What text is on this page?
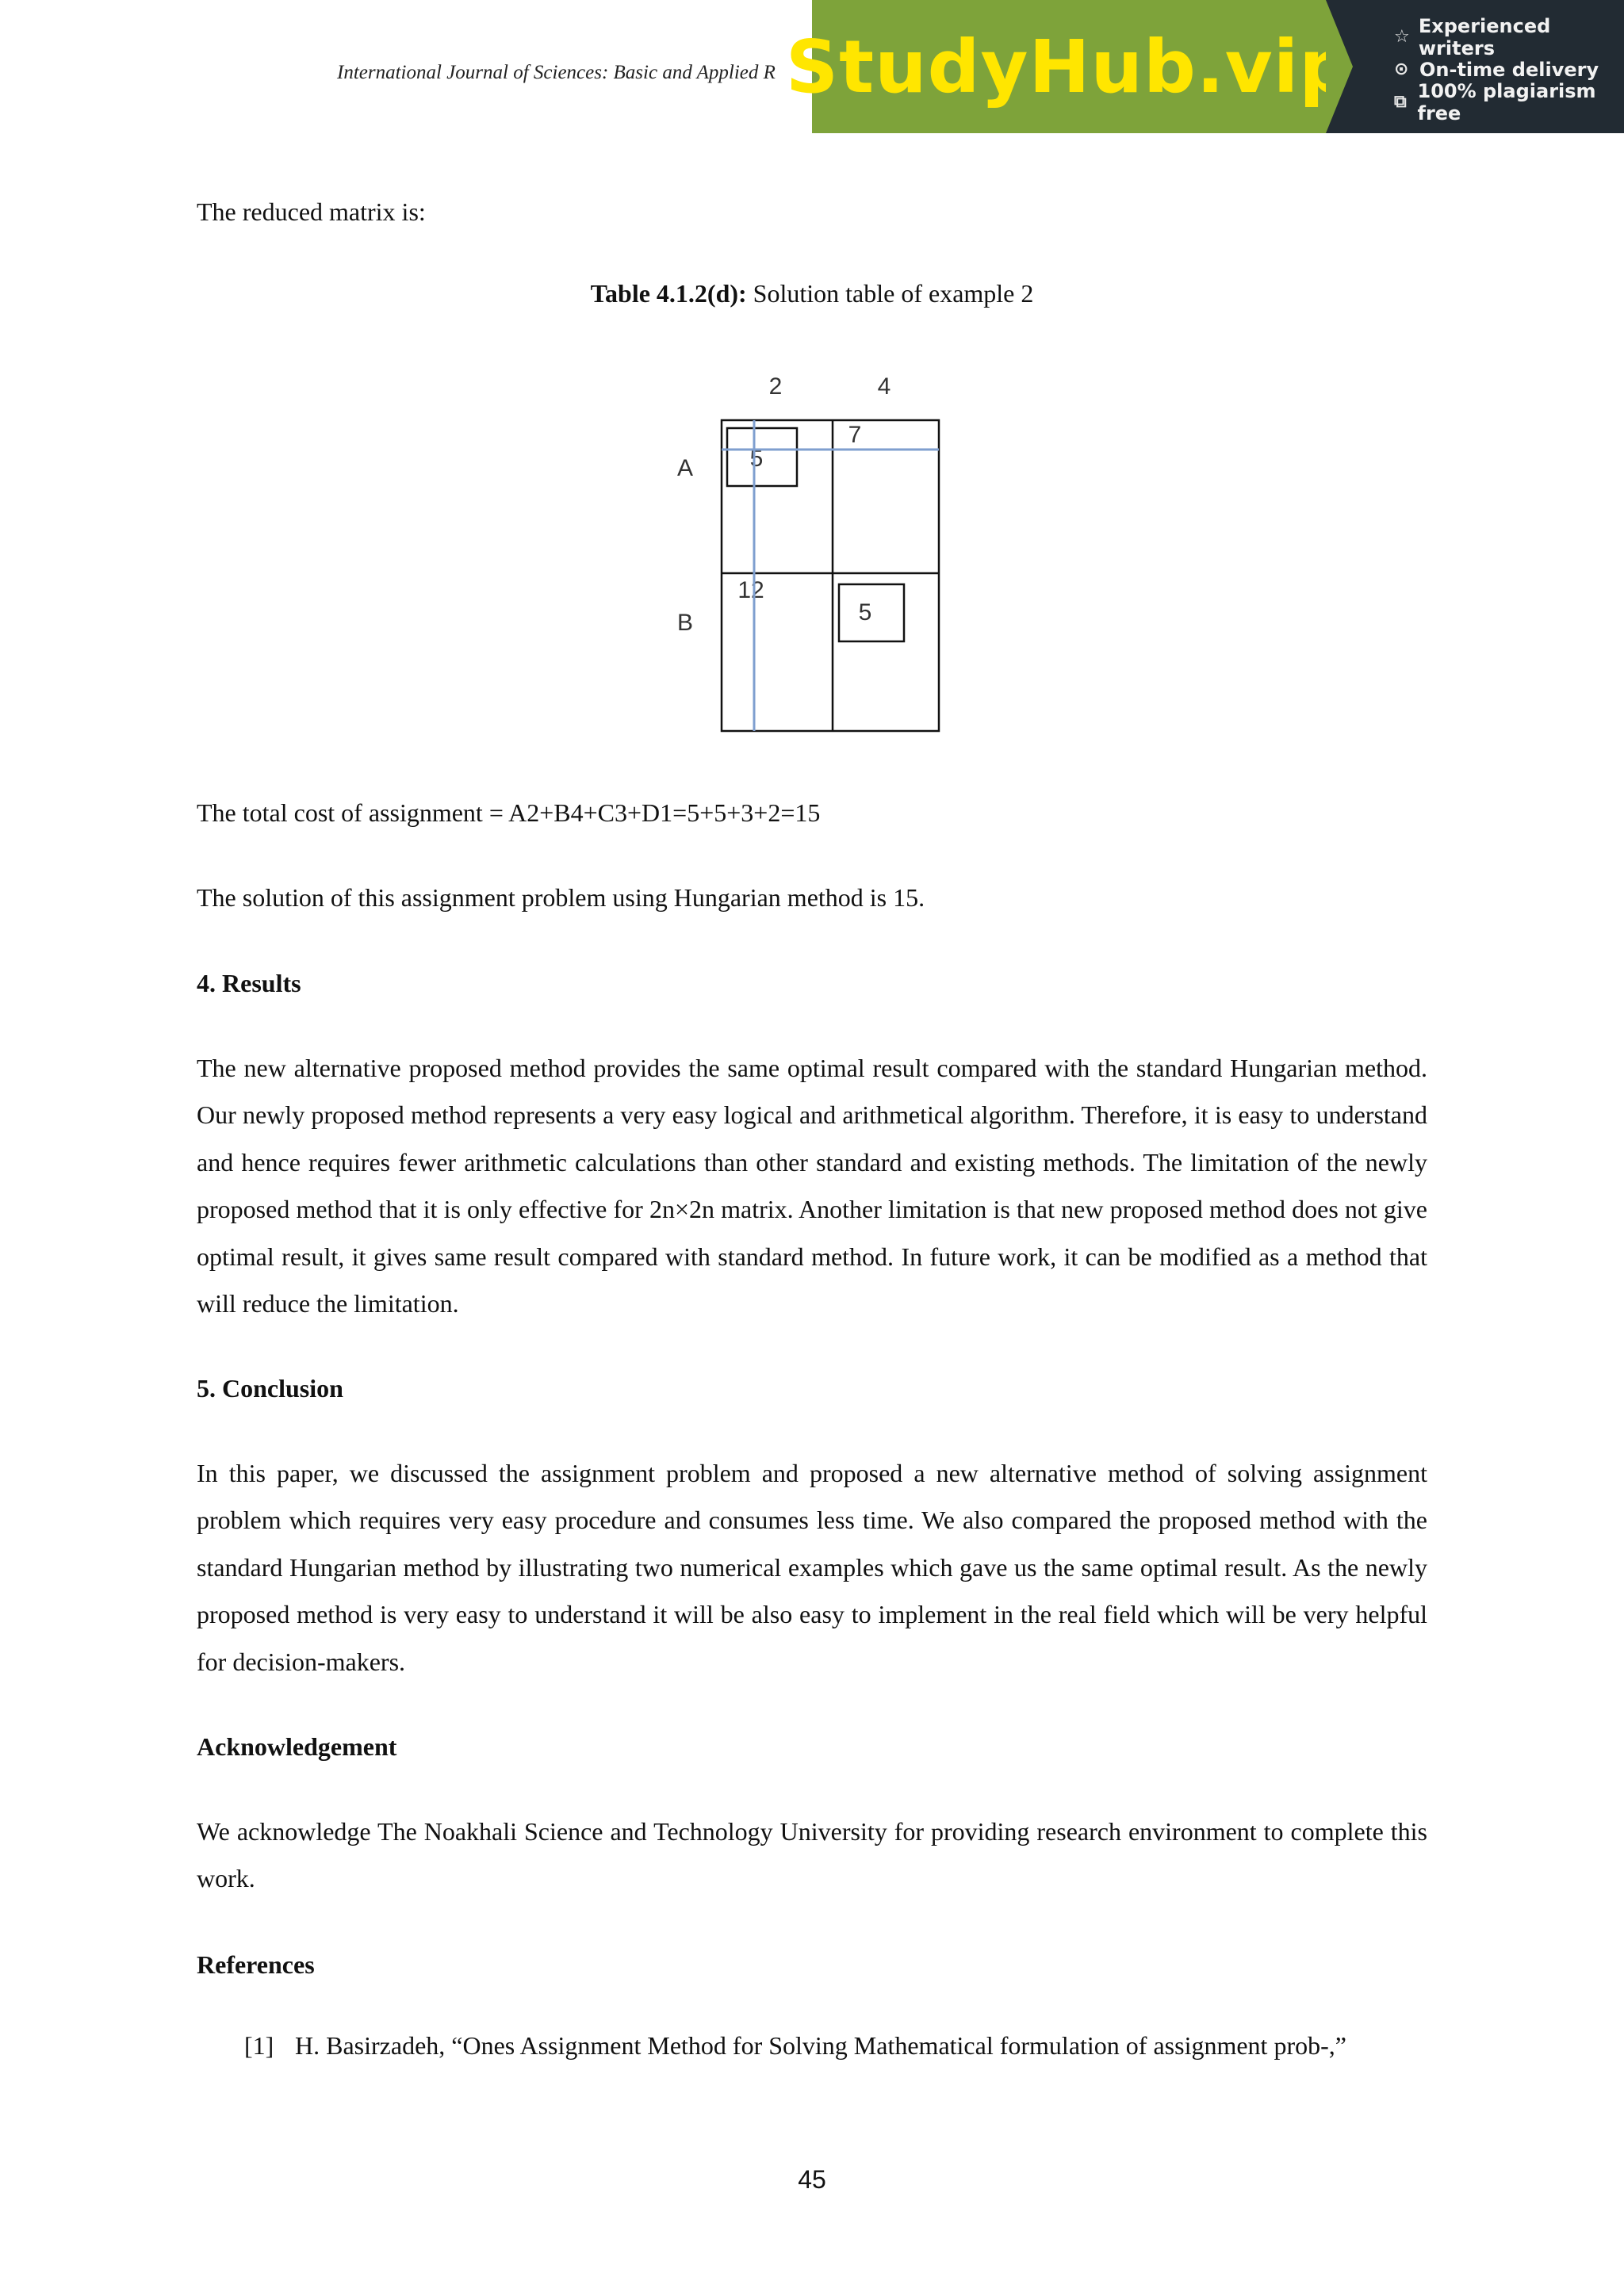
International Journal of Sciences: Basic and Applied R StudyHub.vip ☆ Experienced writers
⊙ On-time delivery
⧉ 100% plagiarism free
The reduced matrix is:
Table 4.1.2(d): Solution table of example 2
2	4
A
B
5
7
12
5
The total cost of assignment = A2+B4+C3+D1=5+5+3+2=15
The solution of this assignment problem using Hungarian method is 15.
4. Results
The new alternative proposed method provides the same optimal result compared with the standard Hungarian method. Our newly proposed method represents a very easy logical and arithmetical algorithm. Therefore, it is easy to understand and hence requires fewer arithmetic calculations than other standard and existing methods. The limitation of the newly proposed method that it is only effective for 2n×2n matrix. Another limitation is that new proposed method does not give optimal result, it gives same result compared with standard method. In future work, it can be modified as a method that will reduce the limitation.
5. Conclusion
In this paper, we discussed the assignment problem and proposed a new alternative method of solving assignment problem which requires very easy procedure and consumes less time. We also compared the proposed method with the standard Hungarian method by illustrating two numerical examples which gave us the same optimal result. As the newly proposed method is very easy to understand it will be also easy to implement in the real field which will be very helpful for decision-makers.
Acknowledgement
We acknowledge The Noakhali Science and Technology University for providing research environment to complete this work.
References
[1] H. Basirzadeh, “Ones Assignment Method for Solving Mathematical formulation of assignment prob-,”
45
